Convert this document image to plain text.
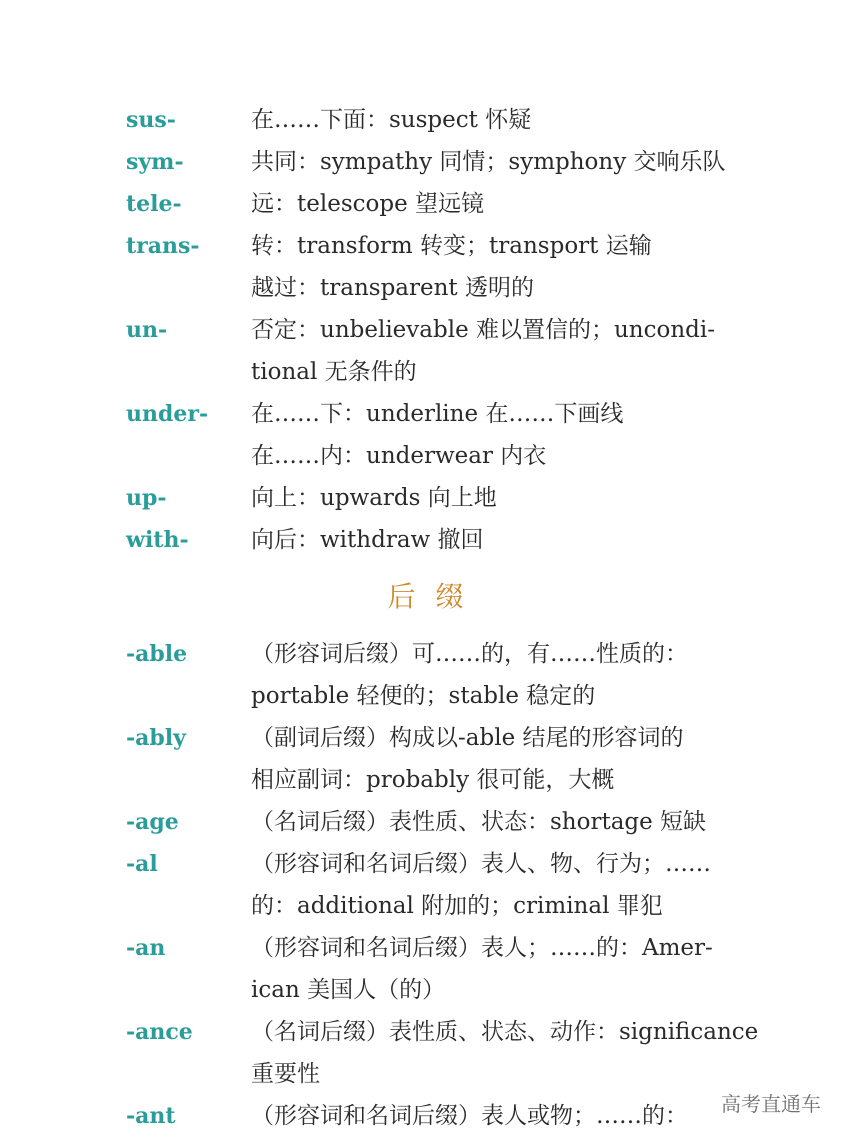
sus-	在……下面：suspect 怀疑
sym-	共同：sympathy 同情；symphony 交响乐队
tele-	远：telescope 望远镜
trans- 转：transform 转变；transport 运输
越过：transparent 透明的
un-	否定：unbelievable 难以置信的；uncondi-
tional 无条件的
under- 在……下：underline 在……下画线
在……内：underwear 内衣
up-	向上：upwards 向上地
with-	向后：withdraw 撤回
后 缀
-able	（形容词后缀）可……的，有……性质的：
portable 轻便的；stable 稳定的
-ably	（副词后缀）构成以-able 结尾的形容词的
相应副词：probably 很可能，大概
-age	（名词后缀）表性质、状态：shortage 短缺
-al	（形容词和名词后缀）表人、物、行为；……
的：additional 附加的；criminal 罪犯
-an	（形容词和名词后缀）表人；……的：Amer-
ican 美国人（的）
-ance	（名词后缀）表性质、状态、动作：significance
重要性
-ant	（形容词和名词后缀）表人或物；……的：	高考直通车
